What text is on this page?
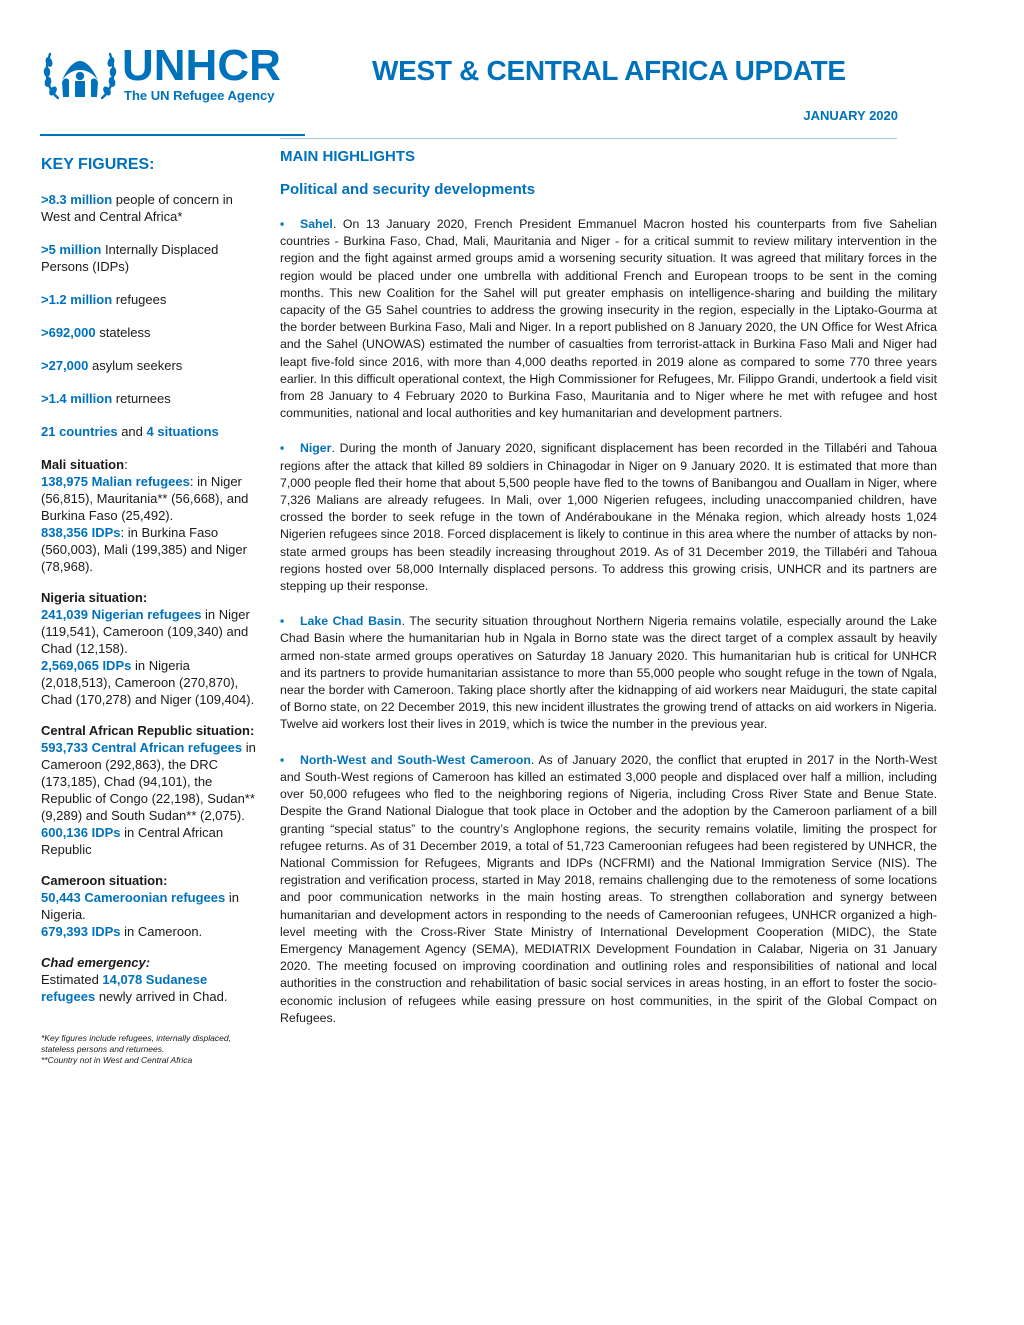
UNHCR
The UN Refugee Agency
WEST & CENTRAL AFRICA UPDATE
JANUARY 2020
KEY FIGURES:
>8.3 million people of concern in West and Central Africa*
>5 million Internally Displaced Persons (IDPs)
>1.2 million refugees
>692,000 stateless
>27,000 asylum seekers
>1.4 million returnees
21 countries and 4 situations
Mali situation:
138,975 Malian refugees: in Niger (56,815), Mauritania** (56,668), and Burkina Faso (25,492).
838,356 IDPs: in Burkina Faso (560,003), Mali (199,385) and Niger (78,968).
Nigeria situation:
241,039 Nigerian refugees in Niger (119,541), Cameroon (109,340) and Chad (12,158).
2,569,065 IDPs in Nigeria (2,018,513), Cameroon (270,870), Chad (170,278) and Niger (109,404).
Central African Republic situation:
593,733 Central African refugees in Cameroon (292,863), the DRC (173,185), Chad (94,101), the Republic of Congo (22,198), Sudan** (9,289) and South Sudan** (2,075).
600,136 IDPs in Central African Republic
Cameroon situation:
50,443 Cameroonian refugees in Nigeria.
679,393 IDPs in Cameroon.
Chad emergency:
Estimated 14,078 Sudanese refugees newly arrived in Chad.
*Key figures include refugees, internally displaced, stateless persons and returnees.
**Country not in West and Central Africa
MAIN HIGHLIGHTS
Political and security developments

▪ Sahel. On 13 January 2020, French President Emmanuel Macron hosted his counterparts from five Sahelian countries - Burkina Faso, Chad, Mali, Mauritania and Niger - for a critical summit to review military intervention in the region and the fight against armed groups amid a worsening security situation. It was agreed that military forces in the region would be placed under one umbrella with additional French and European troops to be sent in the coming months. This new Coalition for the Sahel will put greater emphasis on intelligence-sharing and building the military capacity of the G5 Sahel countries to address the growing insecurity in the region, especially in the Liptako-Gourma at the border between Burkina Faso, Mali and Niger. In a report published on 8 January 2020, the UN Office for West Africa and the Sahel (UNOWAS) estimated the number of casualties from terrorist-attack in Burkina Faso Mali and Niger had leapt five-fold since 2016, with more than 4,000 deaths reported in 2019 alone as compared to some 770 three years earlier. In this difficult operational context, the High Commissioner for Refugees, Mr. Filippo Grandi, undertook a field visit from 28 January to 4 February 2020 to Burkina Faso, Mauritania and to Niger where he met with refugee and host communities, national and local authorities and key humanitarian and development partners.

▪ Niger. During the month of January 2020, significant displacement has been recorded in the Tillabéri and Tahoua regions after the attack that killed 89 soldiers in Chinagodar in Niger on 9 January 2020. It is estimated that more than 7,000 people fled their home that about 5,500 people have fled to the towns of Banibangou and Ouallam in Niger, where 7,326 Malians are already refugees. In Mali, over 1,000 Nigerien refugees, including unaccompanied children, have crossed the border to seek refuge in the town of Andéraboukane in the Ménaka region, which already hosts 1,024 Nigerien refugees since 2018. Forced displacement is likely to continue in this area where the number of attacks by non-state armed groups has been steadily increasing throughout 2019. As of 31 December 2019, the Tillabéri and Tahoua regions hosted over 58,000 Internally displaced persons. To address this growing crisis, UNHCR and its partners are stepping up their response.

▪ Lake Chad Basin. The security situation throughout Northern Nigeria remains volatile, especially around the Lake Chad Basin where the humanitarian hub in Ngala in Borno state was the direct target of a complex assault by heavily armed non-state armed groups operatives on Saturday 18 January 2020. This humanitarian hub is critical for UNHCR and its partners to provide humanitarian assistance to more than 55,000 people who sought refuge in the town of Ngala, near the border with Cameroon. Taking place shortly after the kidnapping of aid workers near Maiduguri, the state capital of Borno state, on 22 December 2019, this new incident illustrates the growing trend of attacks on aid workers in Nigeria. Twelve aid workers lost their lives in 2019, which is twice the number in the previous year.

▪ North-West and South-West Cameroon. As of January 2020, the conflict that erupted in 2017 in the North-West and South-West regions of Cameroon has killed an estimated 3,000 people and displaced over half a million, including over 50,000 refugees who fled to the neighboring regions of Nigeria, including Cross River State and Benue State. Despite the Grand National Dialogue that took place in October and the adoption by the Cameroon parliament of a bill granting “special status” to the country’s Anglophone regions, the security remains volatile, limiting the prospect for refugee returns. As of 31 December 2019, a total of 51,723 Cameroonian refugees had been registered by UNHCR, the National Commission for Refugees, Migrants and IDPs (NCFRMI) and the National Immigration Service (NIS). The registration and verification process, started in May 2018, remains challenging due to the remoteness of some locations and poor communication networks in the main hosting areas. To strengthen collaboration and synergy between humanitarian and development actors in responding to the needs of Cameroonian refugees, UNHCR organized a high-level meeting with the Cross-River State Ministry of International Development Cooperation (MIDC), the State Emergency Management Agency (SEMA), MEDIATRIX Development Foundation in Calabar, Nigeria on 31 January 2020. The meeting focused on improving coordination and outlining roles and responsibilities of national and local authorities in the construction and rehabilitation of basic social services in areas hosting, in an effort to foster the socio-economic inclusion of refugees while easing pressure on host communities, in the spirit of the Global Compact on Refugees.
